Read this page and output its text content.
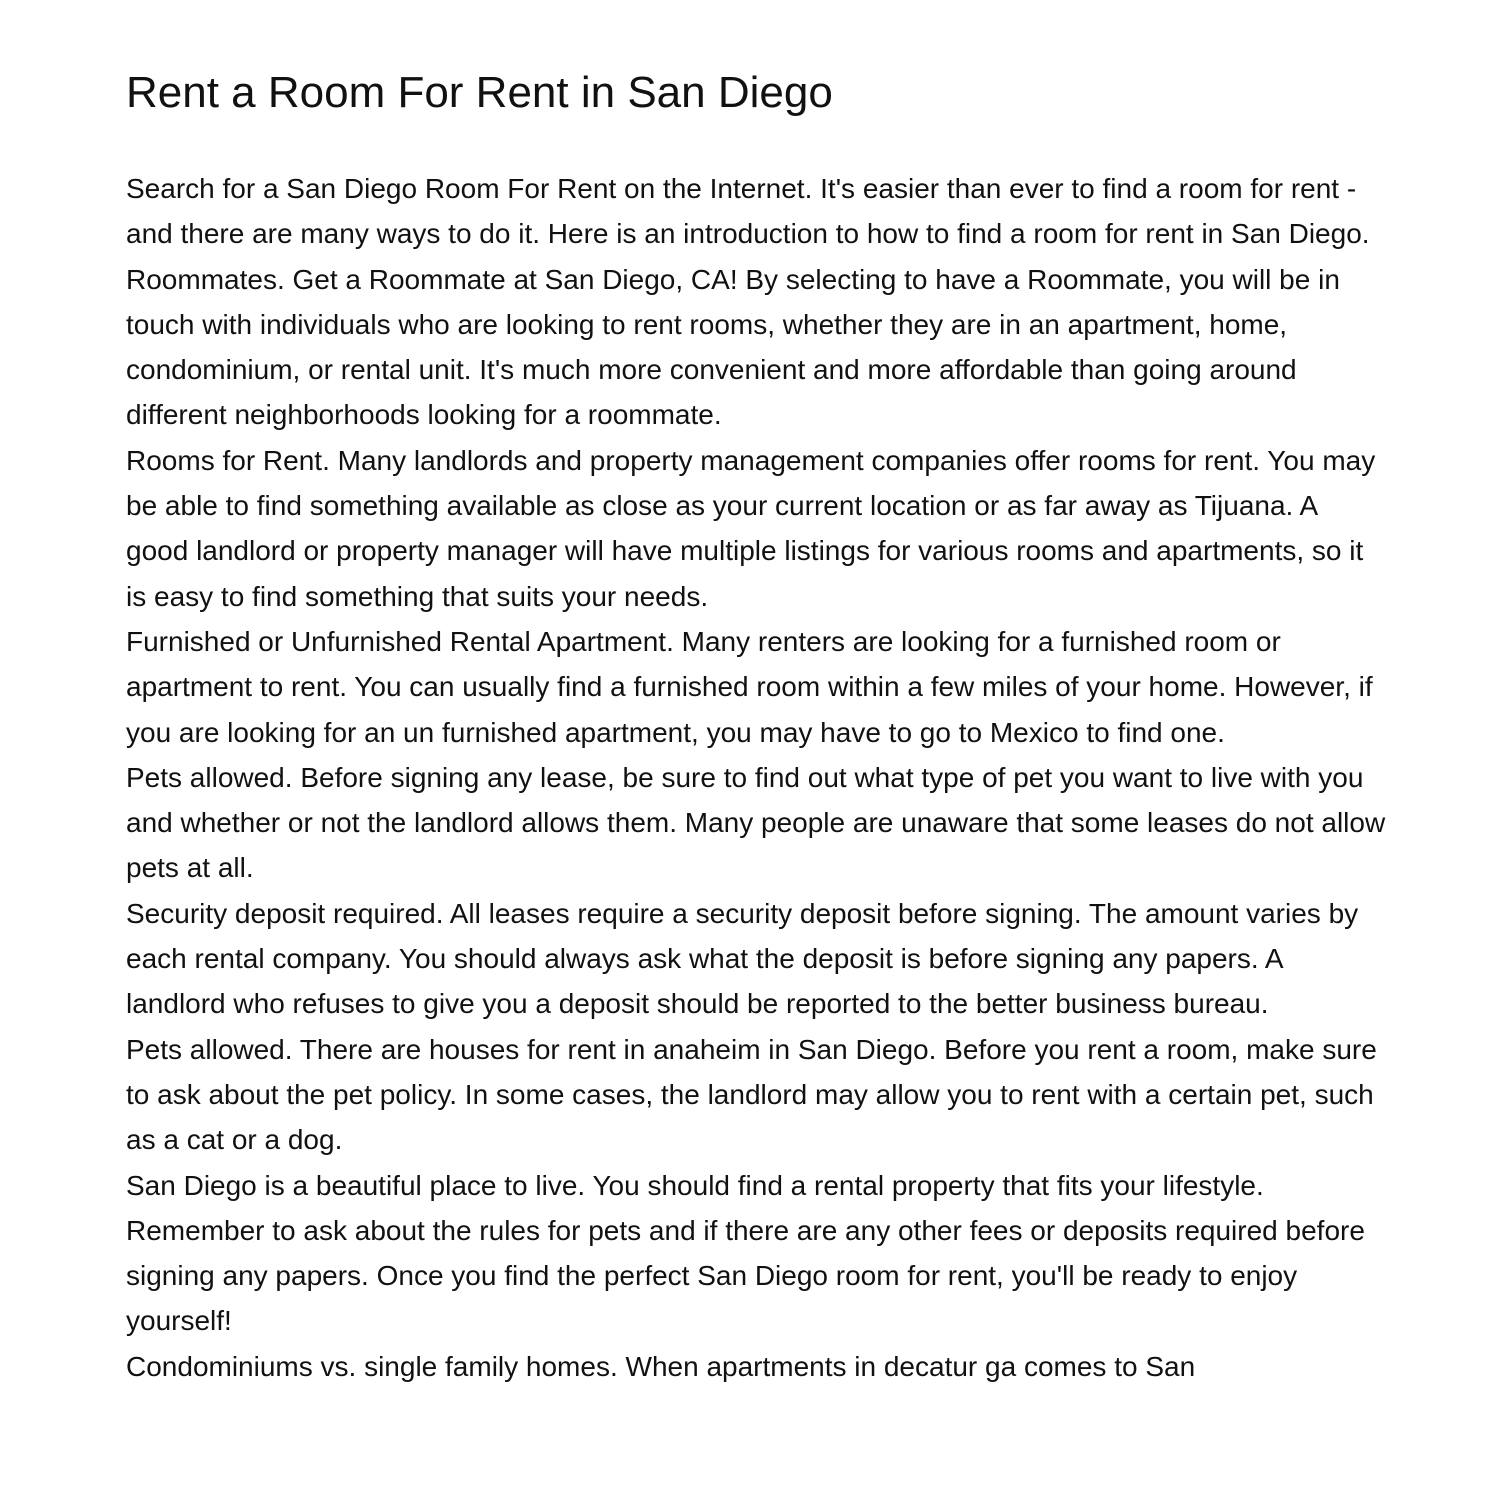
Rent a Room For Rent in San Diego

Search for a San Diego Room For Rent on the Internet. It's easier than ever to find a room for rent - and there are many ways to do it. Here is an introduction to how to find a room for rent in San Diego.

Roommates. Get a Roommate at San Diego, CA! By selecting to have a Roommate, you will be in touch with individuals who are looking to rent rooms, whether they are in an apartment, home, condominium, or rental unit. It's much more convenient and more affordable than going around different neighborhoods looking for a roommate.

Rooms for Rent. Many landlords and property management companies offer rooms for rent. You may be able to find something available as close as your current location or as far away as Tijuana. A good landlord or property manager will have multiple listings for various rooms and apartments, so it is easy to find something that suits your needs.

Furnished or Unfurnished Rental Apartment. Many renters are looking for a furnished room or apartment to rent. You can usually find a furnished room within a few miles of your home. However, if you are looking for an un furnished apartment, you may have to go to Mexico to find one.

Pets allowed. Before signing any lease, be sure to find out what type of pet you want to live with you and whether or not the landlord allows them. Many people are unaware that some leases do not allow pets at all.

Security deposit required. All leases require a security deposit before signing. The amount varies by each rental company. You should always ask what the deposit is before signing any papers. A landlord who refuses to give you a deposit should be reported to the better business bureau.

Pets allowed. There are houses for rent in anaheim in San Diego. Before you rent a room, make sure to ask about the pet policy. In some cases, the landlord may allow you to rent with a certain pet, such as a cat or a dog.

San Diego is a beautiful place to live. You should find a rental property that fits your lifestyle. Remember to ask about the rules for pets and if there are any other fees or deposits required before signing any papers. Once you find the perfect San Diego room for rent, you'll be ready to enjoy yourself!

Condominiums vs. single family homes. When apartments in decatur ga comes to San
